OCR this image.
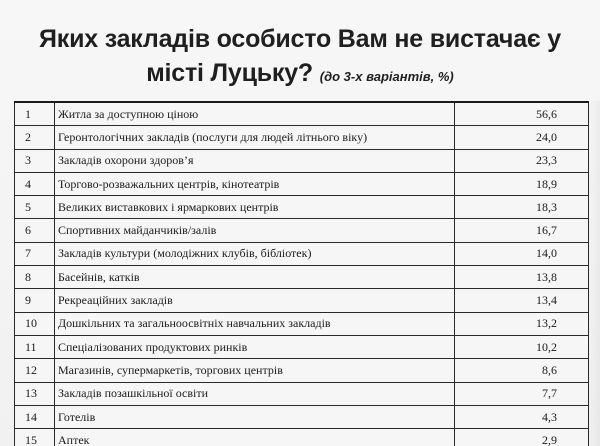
Яких закладів особисто Вам не вистачає у
місті Луцьку? (до 3-х варіантів, %)
1	Житла за доступною ціною	56,6
2	Геронтологічних закладів (послуги для людей літнього віку)	24,0
3	Закладів охорони здоров’я	23,3
4	Торгово-розважальних центрів, кінотеатрів	18,9
5	Великих виставкових і ярмаркових центрів	18,3
6	Спортивних майданчиків/залів	16,7
7	Закладів культури (молодіжних клубів, бібліотек)	14,0
8	Басейнів, катків	13,8
9	Рекреаційних закладів	13,4
10	Дошкільних та загальноосвітніх навчальних закладів	13,2
11	Спеціалізованих продуктових ринків	10,2
12	Магазинів, супермаркетів, торгових центрів	8,6
13	Закладів позашкільної освіти	7,7
14	Готелів	4,3
15	Аптек	2,9
